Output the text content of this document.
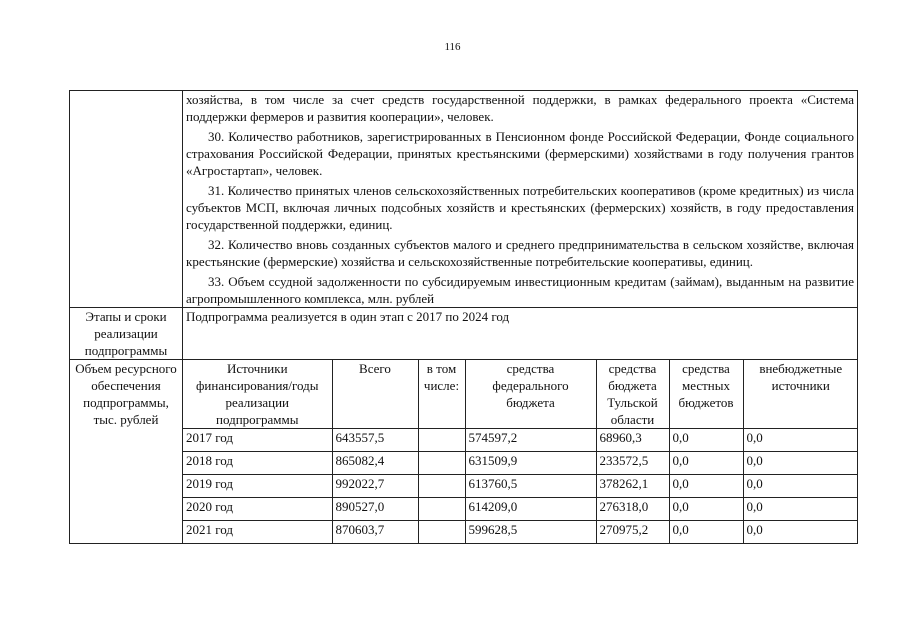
116

хозяйства, в том числе за счет средств государственной поддержки, в рамках федерального проекта «Система поддержки фермеров и развития кооперации», человек.

30. Количество работников, зарегистрированных в Пенсионном фонде Российской Федерации, Фонде социального страхования Российской Федерации, принятых крестьянскими (фермерскими) хозяйствами в году получения грантов «Агростартап», человек.

31. Количество принятых членов сельскохозяйственных потребительских кооперативов (кроме кредитных) из числа субъектов МСП, включая личных подсобных хозяйств и крестьянских (фермерских) хозяйств, в году предоставления государственной поддержки, единиц.

32. Количество вновь созданных субъектов малого и среднего предпринимательства в сельском хозяйстве, включая крестьянские (фермерские) хозяйства и сельскохозяйственные потребительские кооперативы, единиц.

33. Объем ссудной задолженности по субсидируемым инвестиционным кредитам (займам), выданным на развитие агропромышленного комплекса, млн. рублей

Этапы и сроки реализации подпрограммы	Подпрограмма реализуется в один этап с 2017 по 2024 год
Объем ресурсного обеспечения подпрограммы, тыс. рублей	
Источники финансирования/годы реализации подпрограммы	Всего	в том числе:	средства федерального бюджета	средства бюджета Тульской области	средства местных бюджетов	внебюджетные источники
2017 год	643557,5		574597,2	68960,3	0,0	0,0
2018 год	865082,4		631509,9	233572,5	0,0	0,0
2019 год	992022,7		613760,5	378262,1	0,0	0,0
2020 год	890527,0		614209,0	276318,0	0,0	0,0
2021 год	870603,7		599628,5	270975,2	0,0	0,0
